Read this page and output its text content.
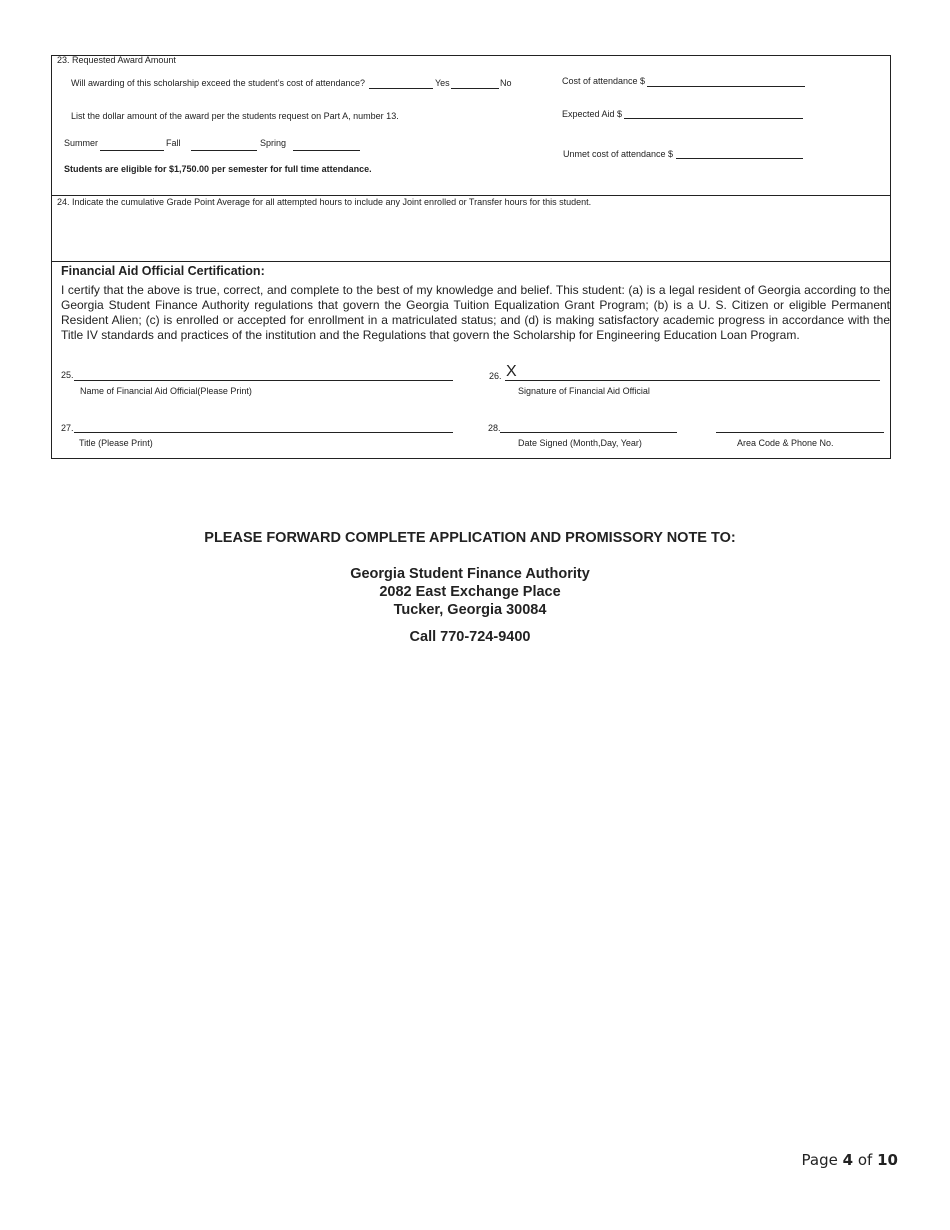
23. Requested Award Amount
Will awarding of this scholarship exceed the student’s cost of attendance?	Yes	No	Cost of attendance $
List the dollar amount of the award per the students request on Part A, number 13.	Expected Aid $
Summer	Fall	Spring
Unmet cost of attendance $
Students are eligible for $1,750.00 per semester for full time attendance.
24. Indicate the cumulative Grade Point Average for all attempted hours to include any Joint enrolled or Transfer hours for this student.
Financial Aid Official Certification:
I certify that the above is true, correct, and complete to the best of my knowledge and belief. This student: (a) is a legal resident of Georgia according to the Georgia Student Finance Authority regulations that govern the Georgia Tuition Equalization Grant Program; (b) is a U. S. Citizen or eligible Permanent Resident Alien; (c) is enrolled or accepted for enrollment in a matriculated status; and (d) is making satisfactory academic progress in accordance with the Title IV standards and practices of the institution and the Regulations that govern the Scholarship for Engineering Education Loan Program.
25.
Name of Financial Aid Official(Please Print)
26. X
Signature of Financial Aid Official
27.
Title (Please Print)
28.
Date Signed (Month,Day, Year)	Area Code & Phone No.
PLEASE FORWARD COMPLETE APPLICATION AND PROMISSORY NOTE TO:
Georgia Student Finance Authority
2082 East Exchange Place
Tucker, Georgia 30084
Call 770-724-9400
Page 4 of 10
